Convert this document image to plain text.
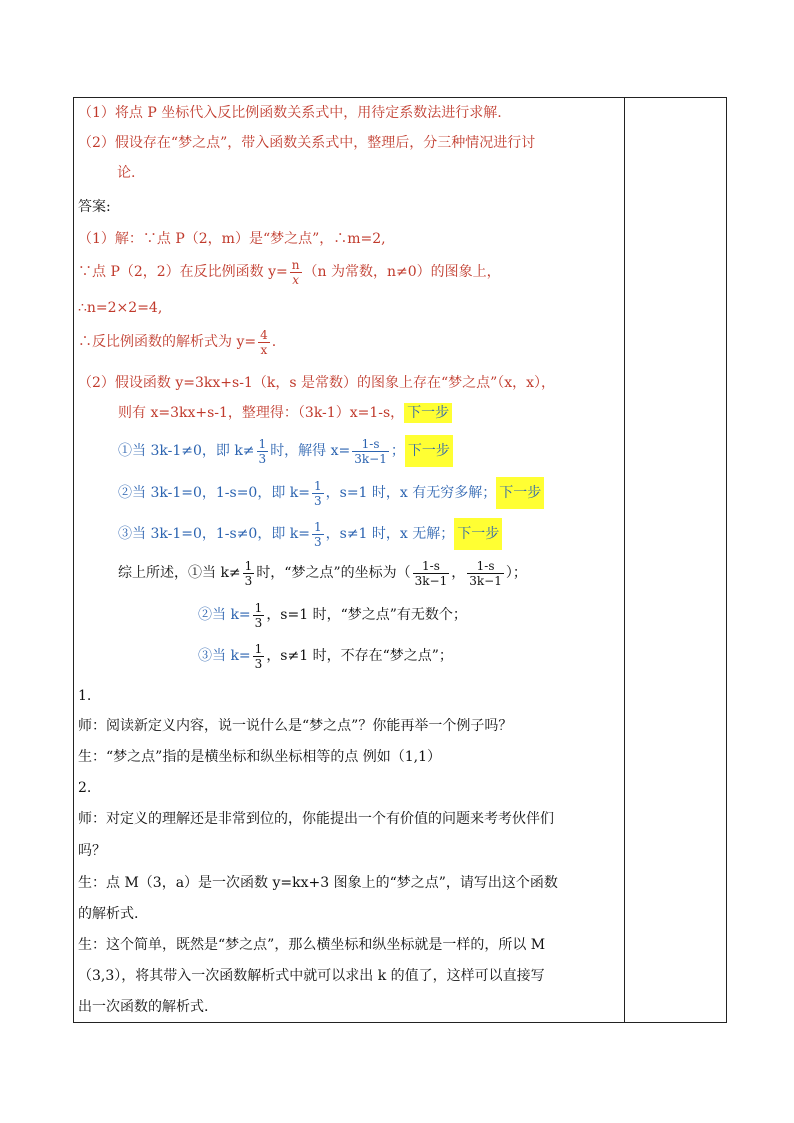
（1）将点 P 坐标代入反比例函数关系式中，用待定系数法进行求解.
（2）假设存在“梦之点”，带入函数关系式中，整理后，分三种情况进行讨
论.
答案:
（1）解：∵点 P（2，m）是“梦之点”，∴m=2,
∵点 P（2，2）在反比例函数 $y= \frac{n}{x} (n$ 为常数，n≠0）的图象上，
∴n=2×2=4,
∴反比例函数的解析式为 $y= \frac{4}{x}$ .
（2）假设函数 y=3kx+s-1（k，s 是常数）的图象上存在“梦之点”（x，x），
则有 x=3kx+s-1，整理得：（3k-1）x=1-s， 下一步
①当 3k-1≠0，即 $k\ne \frac{1}{3}$ 时，解得 $x= \frac{1-s}{3k-1}$ ； 下一步
②当 3k-1=0，1-s=0，即 $k= \frac{1}{3}$ ，s=1 时，x 有无穷多解； 下一步
③当 3k-1=0，1-s≠0，即 $k= \frac{1}{3}$ ，s≠1 时，x 无解； 下一步
综上所述，①当 $k\ne \frac{1}{3}$ 时，“梦之点”的坐标为（ $\frac{1-s}{3k-1}$ ， $\frac{1-s}{3k-1}$ ）；
②当 $k= \frac{1}{3}$ ，s=1 时，“梦之点”有无数个；
③当 $k= \frac{1}{3}$ ，s≠1 时，不存在“梦之点”；
1.
师：阅读新定义内容，说一说什么是“梦之点”？你能再举一个例子吗？
生：“梦之点”指的是横坐标和纵坐标相等的点 例如（1,1）
2.
师：对定义的理解还是非常到位的，你能提出一个有价值的问题来考考伙伴们
吗？
生：点 M（3，a）是一次函数 y=kx+3 图象上的“梦之点”，请写出这个函数
的解析式.
生：这个简单，既然是“梦之点”，那么横坐标和纵坐标就是一样的，所以 M
（3,3），将其带入一次函数解析式中就可以求出 k 的值了，这样可以直接写
出一次函数的解析式.
